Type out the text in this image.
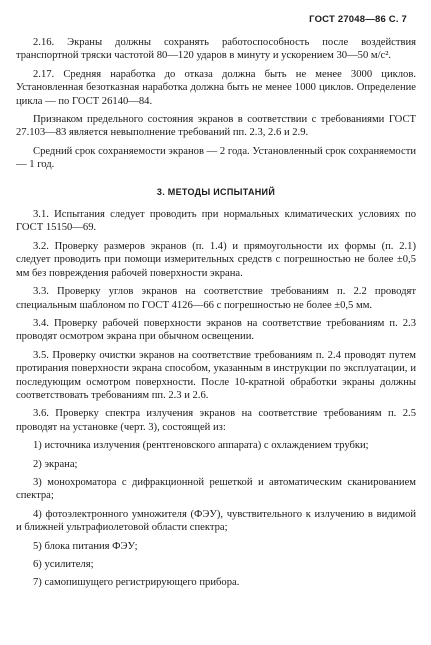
ГОСТ 27048—86 С. 7

2.16. Экраны должны сохранять работоспособность после воздействия транспортной тряски частотой 80—120 ударов в минуту и ускорением 30—50 м/с².

2.17. Средняя наработка до отказа должна быть не менее 3000 циклов. Установленная безотказная наработка должна быть не менее 1000 циклов. Определение цикла — по ГОСТ 26140—84.

Признаком предельного состояния экранов в соответствии с требованиями ГОСТ 27.103—83 является невыполнение требований пп. 2.3, 2.6 и 2.9.

Средний срок сохраняемости экранов — 2 года. Установленный срок сохраняемости — 1 год.

3. МЕТОДЫ ИСПЫТАНИЙ

3.1. Испытания следует проводить при нормальных климатических условиях по ГОСТ 15150—69.

3.2. Проверку размеров экранов (п. 1.4) и прямоугольности их формы (п. 2.1) следует проводить при помощи измерительных средств с погрешностью не более ±0,5 мм без повреждения рабочей поверхности экрана.

3.3. Проверку углов экранов на соответствие требованиям п. 2.2 проводят специальным шаблоном по ГОСТ 4126—66 с погрешностью не более ±0,5 мм.

3.4. Проверку рабочей поверхности экранов на соответствие требованиям п. 2.3 проводят осмотром экрана при обычном освещении.

3.5. Проверку очистки экранов на соответствие требованиям п. 2.4 проводят путем протирания поверхности экрана способом, указанным в инструкции по эксплуатации, и последующим осмотром поверхности. После 10-кратной обработки экраны должны соответствовать требованиям пп. 2.3 и 2.6.

3.6. Проверку спектра излучения экранов на соответствие требованиям п. 2.5 проводят на установке (черт. 3), состоящей из:

1) источника излучения (рентгеновского аппарата) с охлаждением трубки;
2) экрана;
3) монохроматора с дифракционной решеткой и автоматическим сканированием спектра;
4) фотоэлектронного умножителя (ФЭУ), чувствительного к излучению в видимой и ближней ультрафиолетовой области спектра;
5) блока питания ФЭУ;
6) усилителя;
7) самопишущего регистрирующего прибора.
